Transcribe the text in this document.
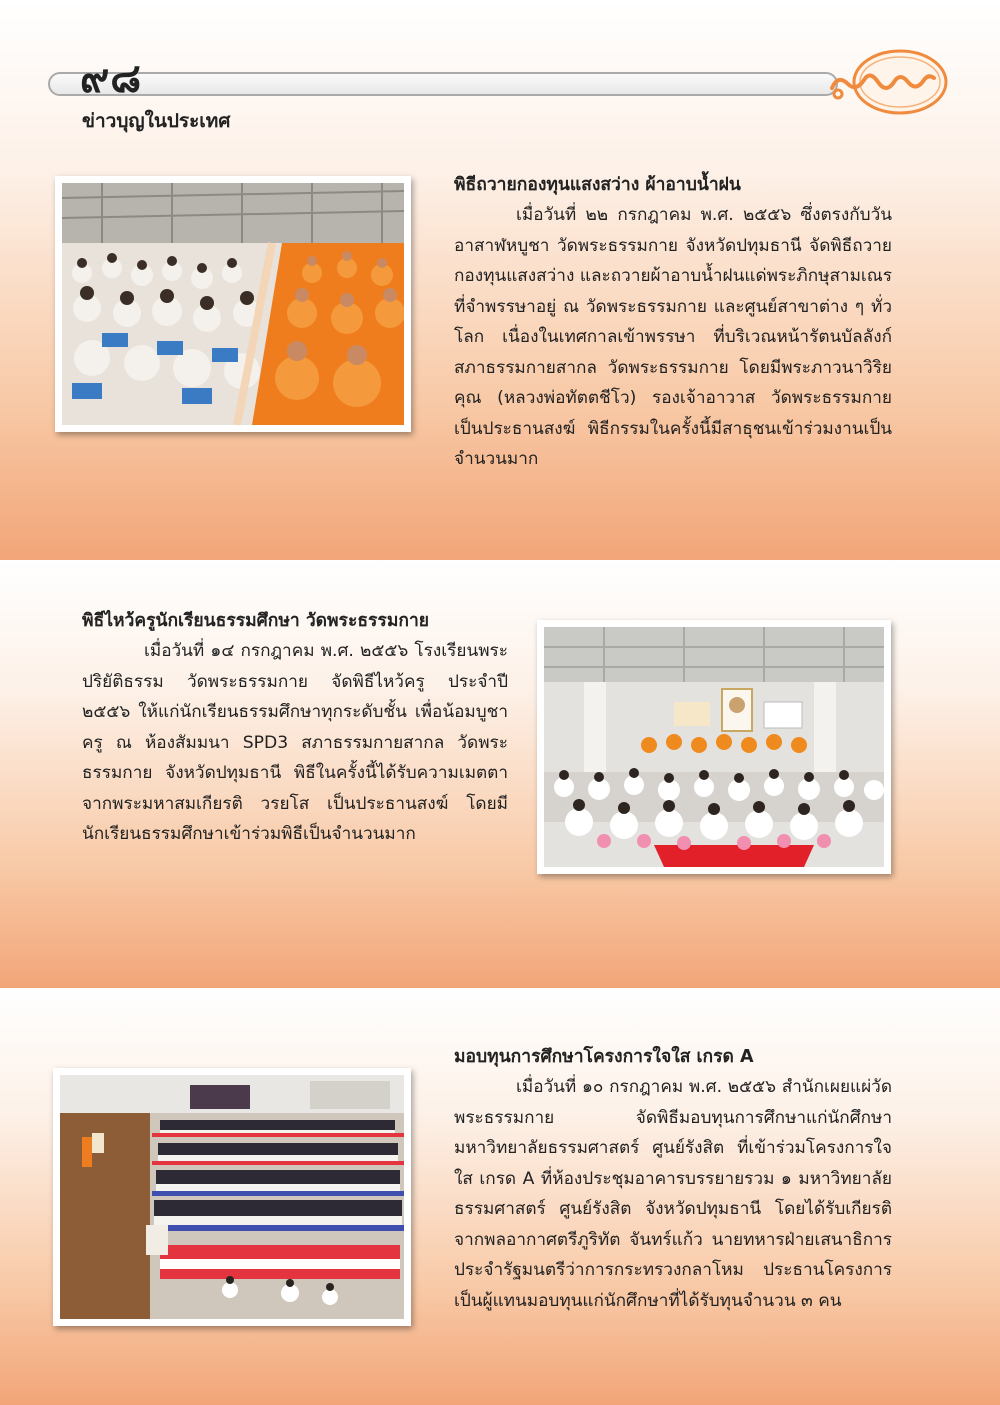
๙๘
ข่าวบุญในประเทศ
พิธีถวายกองทุนแสงสว่าง ผ้าอาบน้ำฝน

เมื่อวันที่ ๒๒ กรกฎาคม พ.ศ. ๒๕๕๖ ซึ่งตรงกับวันอาสาฬหบูชา วัดพระธรรมกาย จังหวัดปทุมธานี จัดพิธีถวายกองทุนแสงสว่าง และถวายผ้าอาบน้ำฝนแด่พระภิกษุสามเณรที่จำพรรษาอยู่ ณ วัดพระธรรมกาย และศูนย์สาขาต่าง ๆ ทั่วโลก เนื่องในเทศกาลเข้าพรรษา ที่บริเวณหน้ารัตนบัลลังก์ สภาธรรมกายสากล วัดพระธรรมกาย โดยมีพระภาวนาวิริยคุณ (หลวงพ่อทัตตชีโว) รองเจ้าอาวาส วัดพระธรรมกาย เป็นประธานสงฆ์ พิธีกรรมในครั้งนี้มีสาธุชนเข้าร่วมงานเป็นจำนวนมาก

พิธีไหว้ครูนักเรียนธรรมศึกษา วัดพระธรรมกาย

เมื่อวันที่ ๑๔ กรกฎาคม พ.ศ. ๒๕๕๖ โรงเรียนพระปริยัติธรรม วัดพระธรรมกาย จัดพิธีไหว้ครู ประจำปี ๒๕๕๖ ให้แก่นักเรียนธรรมศึกษาทุกระดับชั้น เพื่อน้อมบูชาครู ณ ห้องสัมมนา SPD3 สภาธรรมกายสากล วัดพระธรรมกาย จังหวัดปทุมธานี พิธีในครั้งนี้ได้รับความเมตตาจากพระมหาสมเกียรติ วรยโส เป็นประธานสงฆ์ โดยมีนักเรียนธรรมศึกษาเข้าร่วมพิธีเป็นจำนวนมาก

มอบทุนการศึกษาโครงการใจใส เกรด A

เมื่อวันที่ ๑๐ กรกฎาคม พ.ศ. ๒๕๕๖ สำนักเผยแผ่วัดพระธรรมกาย จัดพิธีมอบทุนการศึกษาแก่นักศึกษามหาวิทยาลัยธรรมศาสตร์ ศูนย์รังสิต ที่เข้าร่วมโครงการใจใส เกรด A ที่ห้องประชุมอาคารบรรยายรวม ๑ มหาวิทยาลัยธรรมศาสตร์ ศูนย์รังสิต จังหวัดปทุมธานี โดยได้รับเกียรติจากพลอากาศตรีภูริทัต จันทร์แก้ว นายทหารฝ่ายเสนาธิการประจำรัฐมนตรีว่าการกระทรวงกลาโหม ประธานโครงการเป็นผู้แทนมอบทุนแก่นักศึกษาที่ได้รับทุนจำนวน ๓ คน
